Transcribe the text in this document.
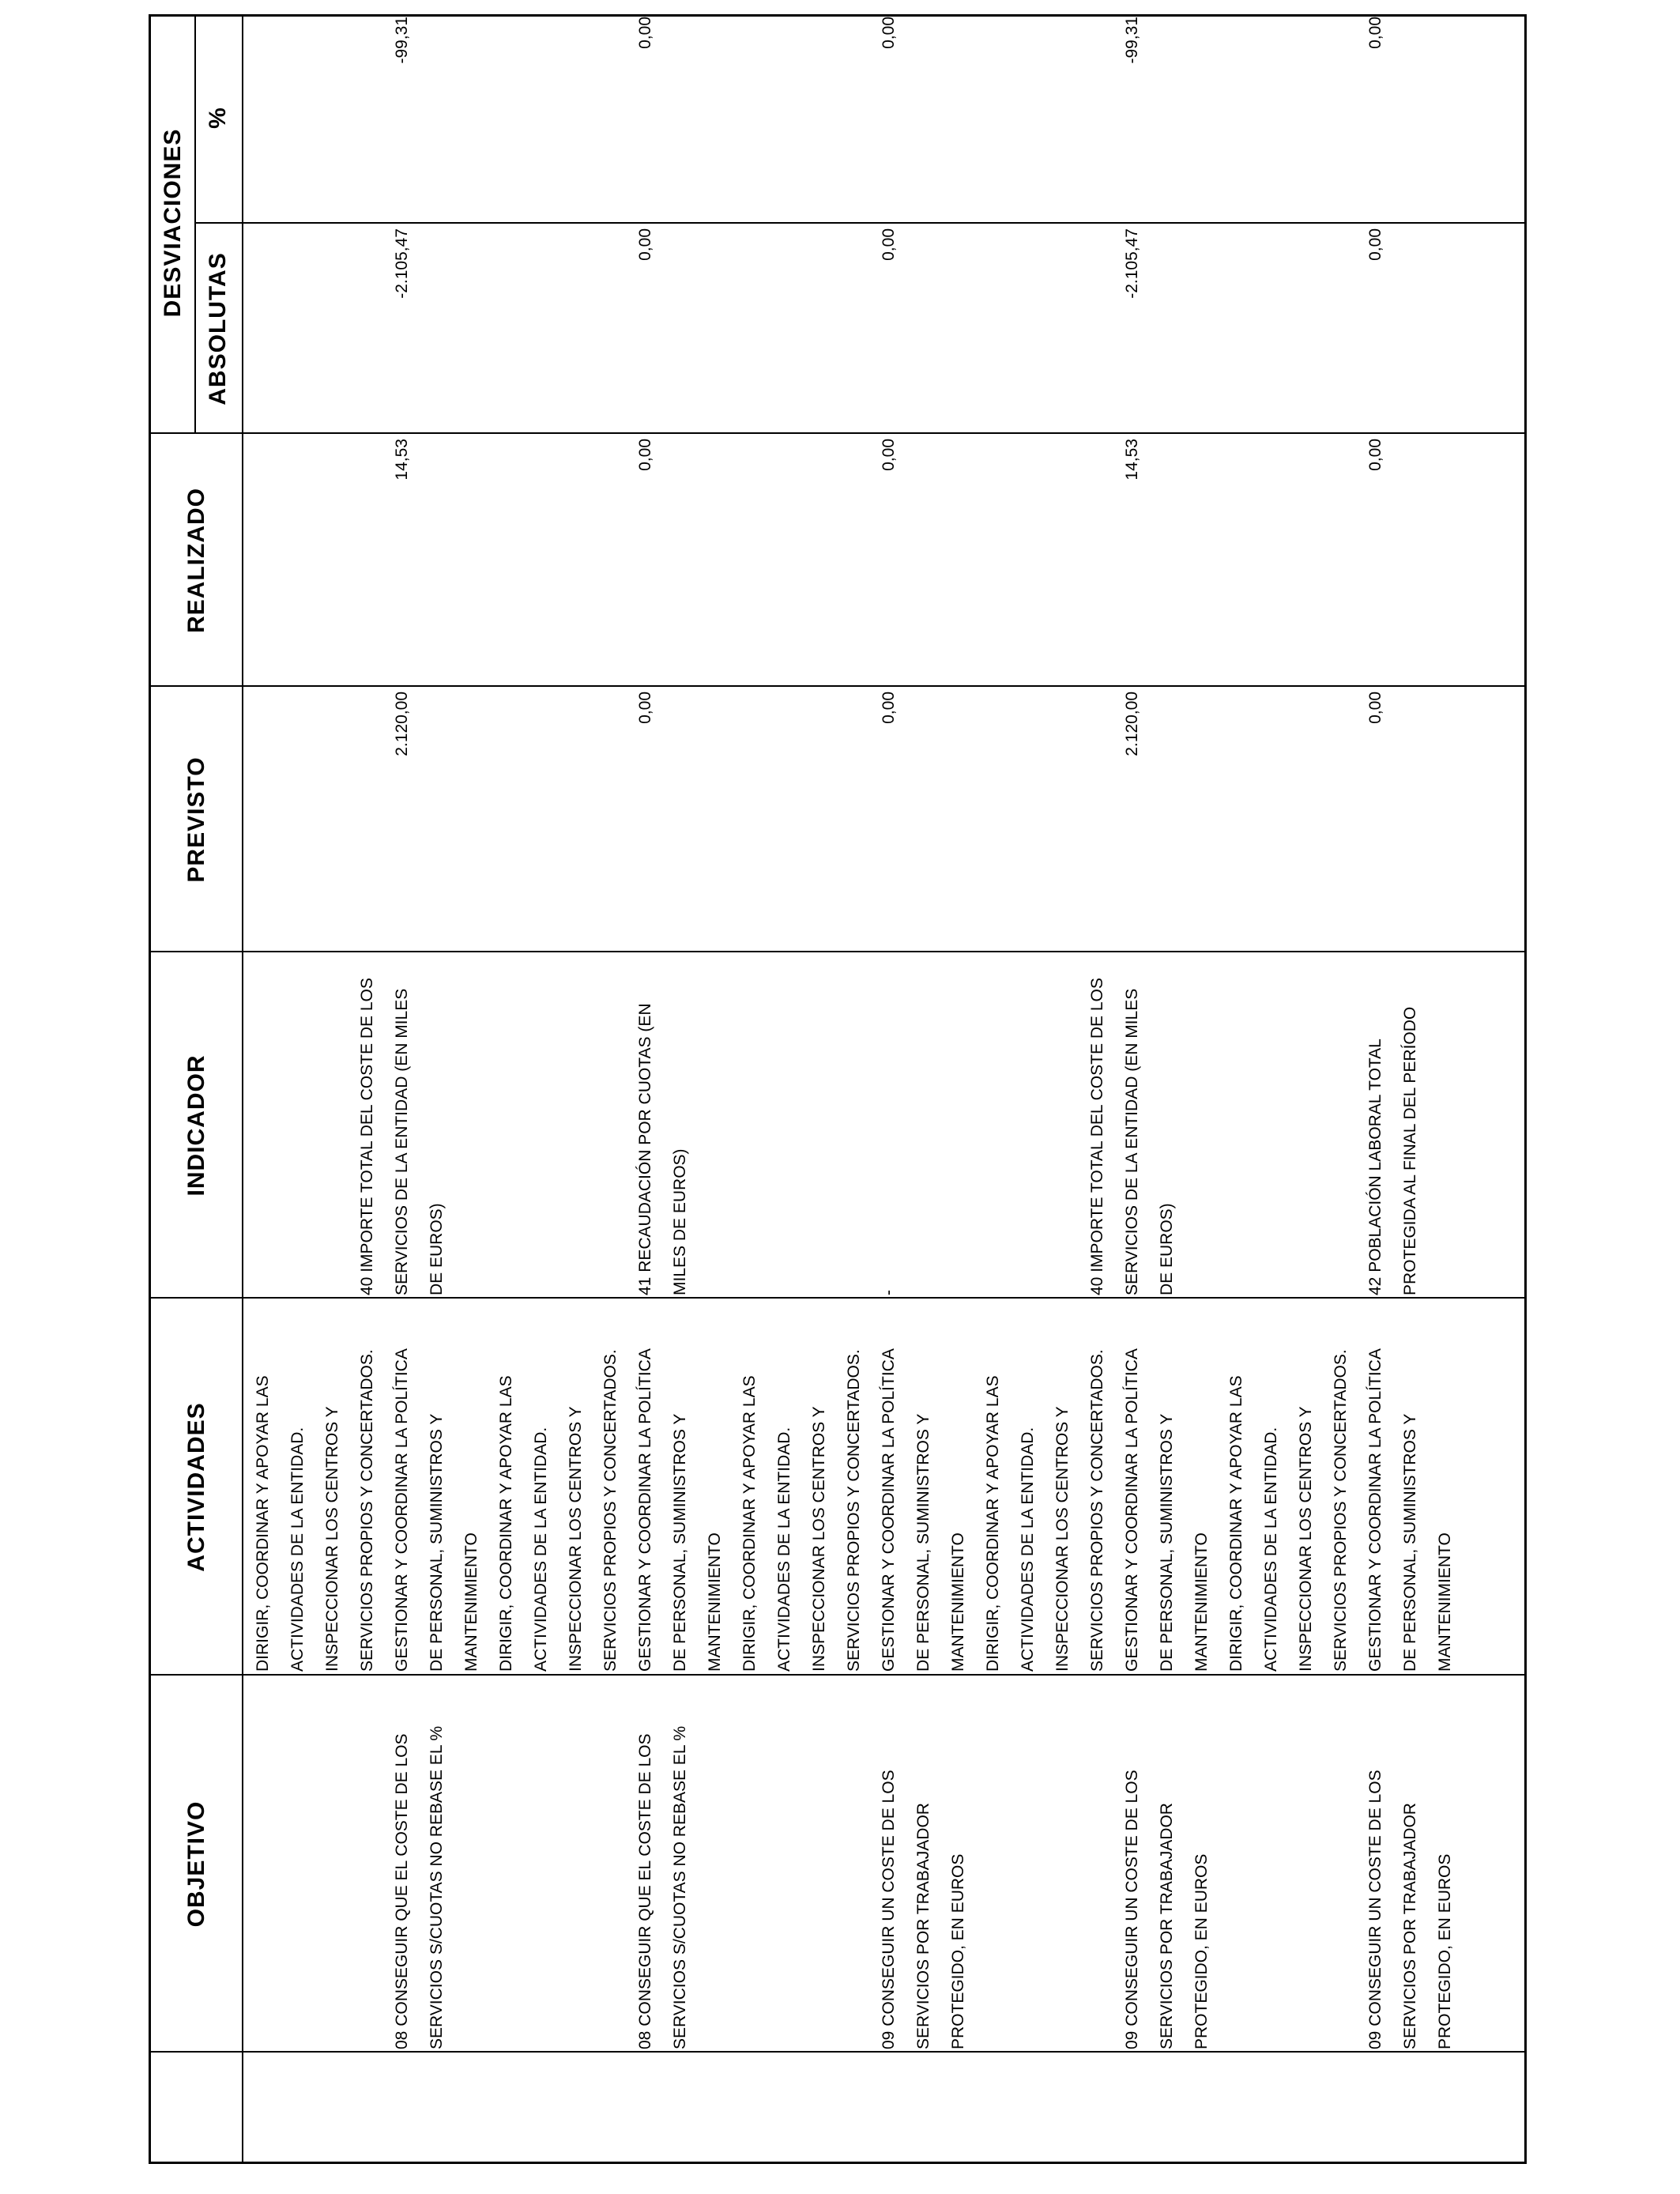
OBJETIVO
ACTIVIDADES
INDICADOR
PREVISTO
REALIZADO
DESVIACIONES
ABSOLUTAS
%
08 CONSEGUIR QUE EL COSTE DE LOS
SERVICIOS S/CUOTAS NO REBASE EL %
DIRIGIR, COORDINAR Y APOYAR LAS
ACTIVIDADES DE LA ENTIDAD.
INSPECCIONAR LOS CENTROS Y
SERVICIOS PROPIOS Y CONCERTADOS.
GESTIONAR Y COORDINAR LA POLÍTICA
DE PERSONAL, SUMINISTROS Y
MANTENIMIENTO
40 IMPORTE TOTAL DEL COSTE DE LOS
SERVICIOS DE LA ENTIDAD (EN MILES
DE EUROS)
2.120,00
14,53
-2.105,47
-99,31
08 CONSEGUIR QUE EL COSTE DE LOS
SERVICIOS S/CUOTAS NO REBASE EL %
DIRIGIR, COORDINAR Y APOYAR LAS
ACTIVIDADES DE LA ENTIDAD.
INSPECCIONAR LOS CENTROS Y
SERVICIOS PROPIOS Y CONCERTADOS.
GESTIONAR Y COORDINAR LA POLÍTICA
DE PERSONAL, SUMINISTROS Y
MANTENIMIENTO
41 RECAUDACIÓN POR CUOTAS (EN
MILES DE EUROS)
0,00
0,00
0,00
0,00
09 CONSEGUIR UN COSTE DE LOS
SERVICIOS POR TRABAJADOR
PROTEGIDO, EN EUROS
DIRIGIR, COORDINAR Y APOYAR LAS
ACTIVIDADES DE LA ENTIDAD.
INSPECCIONAR LOS CENTROS Y
SERVICIOS PROPIOS Y CONCERTADOS.
GESTIONAR Y COORDINAR LA POLÍTICA
DE PERSONAL, SUMINISTROS Y
MANTENIMIENTO
-
0,00
0,00
0,00
0,00
09 CONSEGUIR UN COSTE DE LOS
SERVICIOS POR TRABAJADOR
PROTEGIDO, EN EUROS
DIRIGIR, COORDINAR Y APOYAR LAS
ACTIVIDADES DE LA ENTIDAD.
INSPECCIONAR LOS CENTROS Y
SERVICIOS PROPIOS Y CONCERTADOS.
GESTIONAR Y COORDINAR LA POLÍTICA
DE PERSONAL, SUMINISTROS Y
MANTENIMIENTO
40 IMPORTE TOTAL DEL COSTE DE LOS
SERVICIOS DE LA ENTIDAD (EN MILES
DE EUROS)
2.120,00
14,53
-2.105,47
-99,31
09 CONSEGUIR UN COSTE DE LOS
SERVICIOS POR TRABAJADOR
PROTEGIDO, EN EUROS
DIRIGIR, COORDINAR Y APOYAR LAS
ACTIVIDADES DE LA ENTIDAD.
INSPECCIONAR LOS CENTROS Y
SERVICIOS PROPIOS Y CONCERTADOS.
GESTIONAR Y COORDINAR LA POLÍTICA
DE PERSONAL, SUMINISTROS Y
MANTENIMIENTO
42 POBLACIÓN LABORAL TOTAL
PROTEGIDA AL FINAL DEL PERÍODO
0,00
0,00
0,00
0,00
